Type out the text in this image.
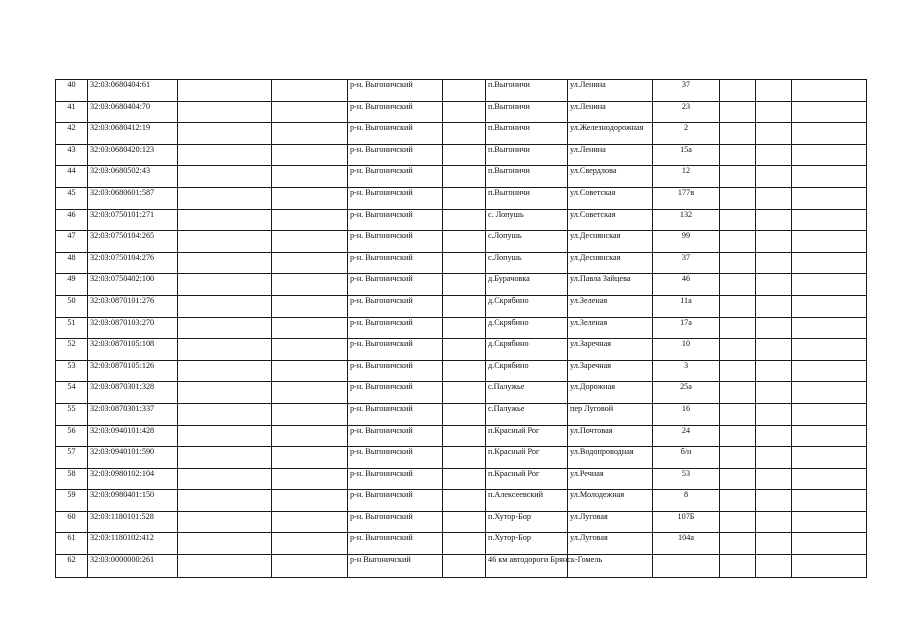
40	32:03:0680404:61			р-н. Выгоничский		п.Выгоничи	ул.Ленина	37			
41	32:03:0680404:70			р-н. Выгоничский		п.Выгоничи	ул.Ленина	23			
42	32:03:0680412:19			р-н. Выгоничский		п.Выгоничи	ул.Железнодорожная	2			
43	32:03:0680420:123			р-н. Выгоничский		п.Выгоничи	ул.Ленина	15а			
44	32:03:0680502:43			р-н. Выгоничский		п.Выгоничи	ул.Свердлова	12			
45	32:03:0680601:587			р-н. Выгоничский		п.Выгоничи	ул.Советская	177в			
46	32:03:0750101:271			р-н. Выгоничский		с. Лопушь	ул.Советская	132			
47	32:03:0750104:265			р-н. Выгоничский		с.Лопушь	ул.Деснянская	99			
48	32:03:0750104:276			р-н. Выгоничский		с.Лопушь	ул.Деснянская	37			
49	32:03:0750402:100			р-н. Выгоничский		д.Бурачовка	ул.Павла Зайцева	46			
50	32:03:0870101:276			р-н. Выгоничский		д.Скрябино	ул.Зеленая	11а			
51	32:03:0870103:270			р-н. Выгоничский		д.Скрябино	ул.Зеленая	17а			
52	32:03:0870105:108			р-н. Выгоничский		д.Скрябино	ул.Заречная	10			
53	32:03:0870105:126			р-н. Выгоничский		д.Скрябино	ул.Заречная	3			
54	32:03:0870301:328			р-н. Выгоничский		с.Палужье	ул.Дорожная	25а			
55	32:03:0870301:337			р-н. Выгоничский		с.Палужье	пер Луговой	16			
56	32:03:0940101:428			р-н. Выгоничский		п.Красный Рог	ул.Почтовая	24			
57	32:03:0940101:590			р-н. Выгоничский		п.Красный Рог	ул.Водопроводная	б/н			
58	32:03:0980102:104			р-н. Выгоничский		п.Красный Рог	ул.Речная	53			
59	32:03:0980401:150			р-н. Выгоничский		п.Алексеевский	ул.Молодежная	8			
60	32:03:1180101:528			р-н. Выгоничский		п.Хутор-Бор	ул.Луговая	107Б			
61	32:03:1180102:412			р-н. Выгоничский		п.Хутор-Бор	ул.Луговая	104а			
62	32:03:0000000:261			р-н Выгоничский		46 км автодороги Брянск-Гомель					
